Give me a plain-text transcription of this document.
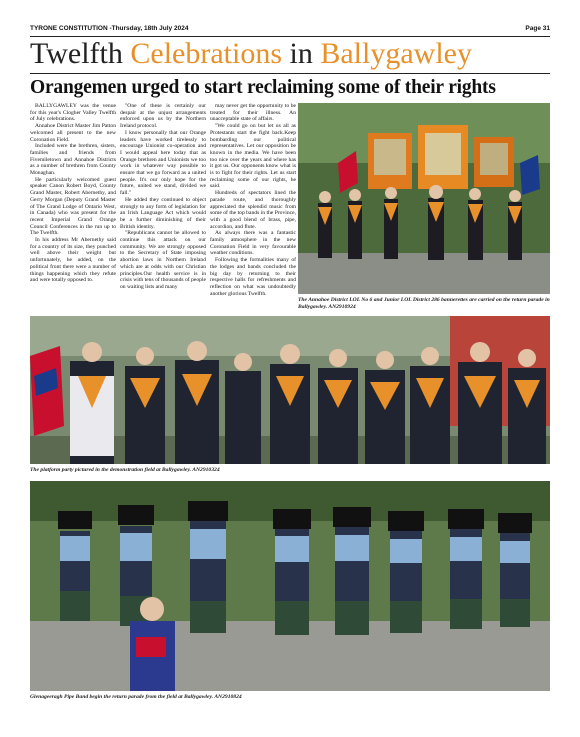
TYRONE CONSTITUTION -Thursday, 18th July 2024	Page 31
Twelfth Celebrations in Ballygawley
Orangemen urged to start reclaiming some of their rights

BALLYGAWLEY was the venue for this year's Clogher Valley Twelfth of July celebrations.

Annahoe District Master Jim Patton welcomed all present to the new Coronation Field.

Included were the brethren, sisters, families and friends from Fivemiletown and Annahoe Districts as a number of brethren from County Monaghan.

He particularly welcomed guest speaker Canon Robert Boyd, County Grand Master, Robert Abernethy, and Gerry Morgan (Deputy Grand Master of The Grand Lodge of Ontario West, in Canada) who was present for the recent Imperial Grand Orange Council Conferences in the run up to The Twelfth.

In his address Mr Abernethy said for a country of its size, they punched well above their weight but unfortunately, he added, on the political front there were a number of things happening which they refute and were totally opposed to.

"One of these is certainly our despair at the unjust arrangements enforced upon us by the Northern Ireland protocol.

I know personally that our Orange leaders have worked tirelessly to encourage Unionist co-operation and I would appeal here today that as Orange brethren and Unionists we too work in whatever way possible to ensure that we go forward as a united people. It's our only hope for the future, united we stand, divided we fall."

He added they continued to object strongly to any form of legislation for an Irish Language Act which would be a further diminishing of their British identity.

"Republicans cannot be allowed to continue this attack on our community. We are strongly opposed to the Secretary of State imposing abortion laws in Northern Ireland which are at odds with our Christian principles.Our health service is in crisis with tens of thousands of people on waiting lists and many

may never get the opportunity to be treated for their illness. An unacceptable state of affairs.

"We could go on but let us all as Protestants start the fight back.Keep bombarding our political representatives. Let our opposition be known in the media. We have been too nice over the years and where has it got us. Our opponents know what is is to fight for their rights. Let us start reclaiming some of our rights, he said.

Hundreds of spectators lined the parade route, and thoroughly appreciated the splendid music from some of the top bands in the Province, with a good blend of brass, pipe, accordion, and flute.

As always there was a fantastic family atmosphere in the new Coronation Field in very favourable weather conditions.

Following the formalities many of the lodges and bands concluded the big day by returning to their respective halls for refreshments and reflection on what was undoubtedly another glorious Twelfth.

The Annahoe District LOL No 6 and Junior LOL District 286 bannerettes are carried on the return parade in Ballygawley. AN2910924
The platform party pictured in the demonstration field at Ballygawley. AN2910324
Glenageeragh Pipe Band begin the return parade from the field at Ballygawley. AN2910824
